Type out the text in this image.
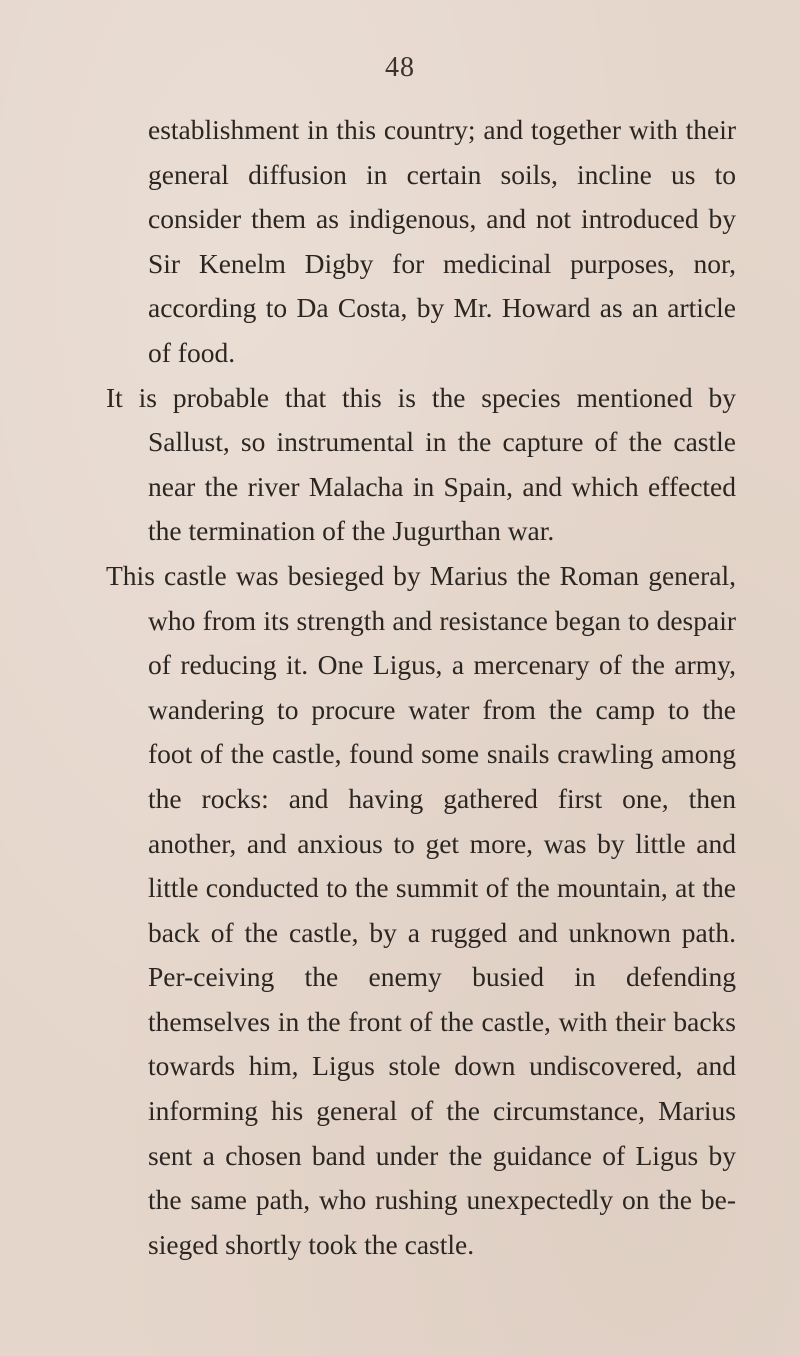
48

establishment in this country; and together with their general diffusion in certain soils, incline us to consider them as indigenous, and not introduced by Sir Kenelm Digby for medicinal purposes, nor, according to Da Costa, by Mr. Howard as an article of food.

It is probable that this is the species mentioned by Sallust, so instrumental in the capture of the castle near the river Malacha in Spain, and which effected the termination of the Jugurthan war.

This castle was besieged by Marius the Roman general, who from its strength and resistance began to despair of reducing it. One Ligus, a mercenary of the army, wandering to procure water from the camp to the foot of the castle, found some snails crawling among the rocks: and having gathered first one, then another, and anxious to get more, was by little and little conducted to the summit of the mountain, at the back of the castle, by a rugged and unknown path. Per-ceiving the enemy busied in defending themselves in the front of the castle, with their backs towards him, Ligus stole down undiscovered, and informing his general of the circumstance, Marius sent a chosen band under the guidance of Ligus by the same path, who rushing unexpectedly on the be-sieged shortly took the castle.
